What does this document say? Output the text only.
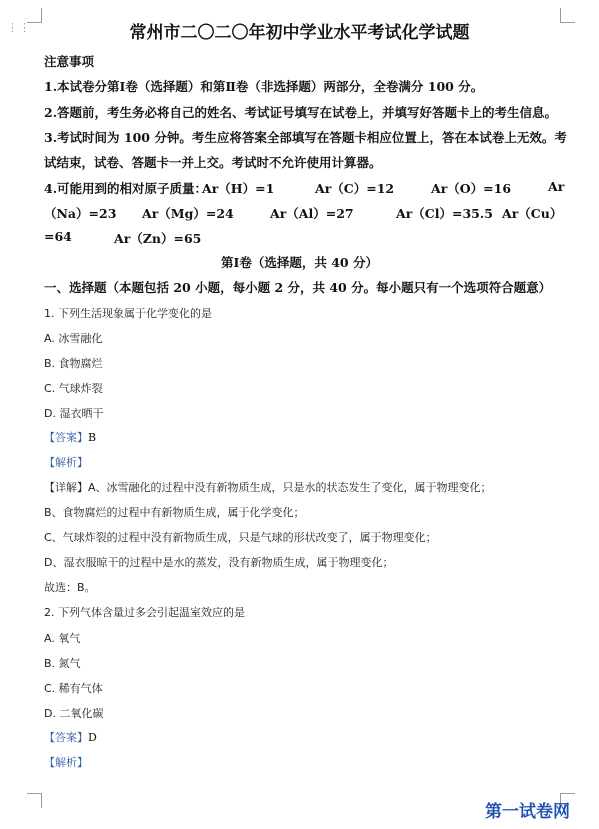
⋮⋮	常州市二〇二〇年初中学业水平考试化学试题
注意事项
1.本试卷分第Ⅰ卷（选择题）和第Ⅱ卷（非选择题）两部分，全卷满分 100 分。
2.答题前，考生务必将自己的姓名、考试证号填写在试卷上，并填写好答题卡上的考生信息。
3.考试时间为 100 分钟。考生应将答案全部填写在答题卡相应位置上，答在本试卷上无效。考
试结束，试卷、答题卡一并上交。考试时不允许使用计算器。
4.可能用到的相对原子质量：
Ar（H）=1	Ar（C）=12	Ar（O）=16	Ar
（Na）=23 Ar（Mg）=24	Ar（Al）=27	Ar（Cl）=35.5 Ar（Cu）
=64	Ar（Zn）=65
第Ⅰ卷（选择题，共 40 分）
一、选择题（本题包括 20 小题，每小题 2 分，共 40 分。每小题只有一个选项符合题意）
1. 下列生活现象属于化学变化的是
A. 冰雪融化
B. 食物腐烂
C. 气球炸裂
D. 湿衣晒干
【答案】B
【解析】
【详解】A、冰雪融化的过程中没有新物质生成，只是水的状态发生了变化，属于物理变化；
B、食物腐烂的过程中有新物质生成，属于化学变化；
C、气球炸裂的过程中没有新物质生成，只是气球的形状改变了，属于物理变化；
D、湿衣服晾干的过程中是水的蒸发，没有新物质生成，属于物理变化；
故选：B。
2. 下列气体含量过多会引起温室效应的是
A. 氧气
B. 氮气
C. 稀有气体
D. 二氧化碳
【答案】D
【解析】
第一试卷网
